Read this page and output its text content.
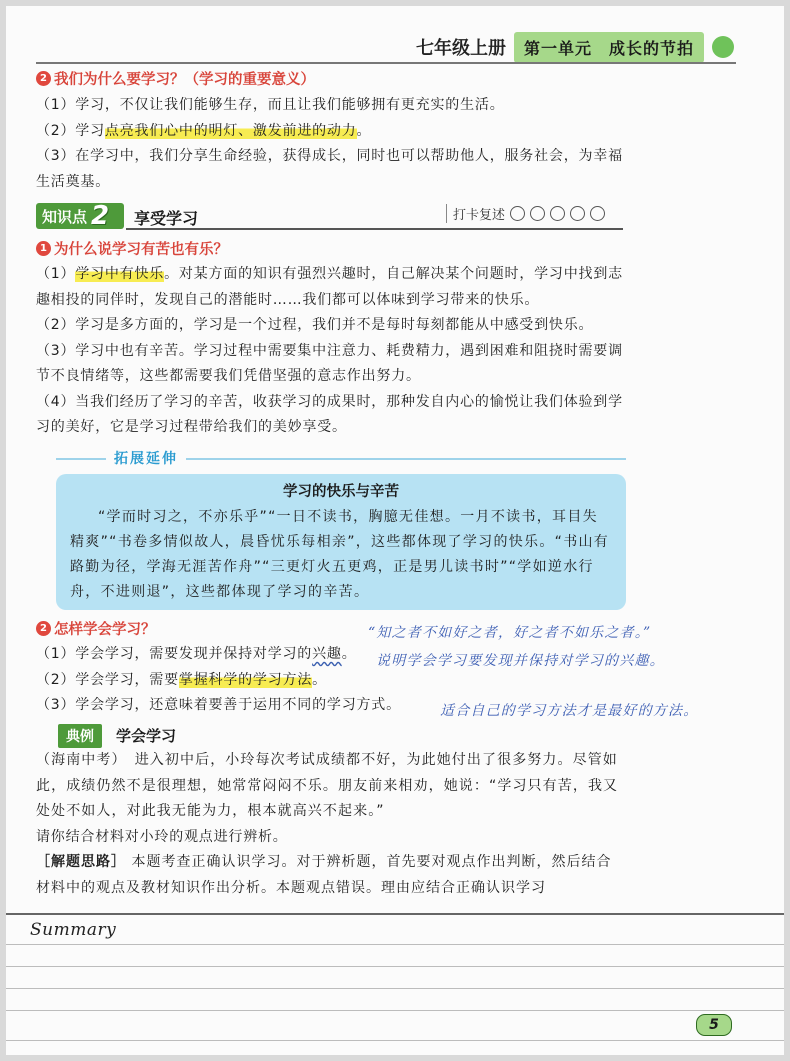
七年级上册	第一单元　成长的节拍
2 我们为什么要学习？（学习的重要意义）
（1）学习，不仅让我们能够生存，而且让我们能够拥有更充实的生活。
（2）学习点亮我们心中的明灯、激发前进的动力。
（3）在学习中，我们分享生命经验，获得成长，同时也可以帮助他人，服务社会，为幸福生活奠基。
知识点 2 享受学习	打卡复述
1 为什么说学习有苦也有乐？
（1）学习中有快乐。对某方面的知识有强烈兴趣时，自己解决某个问题时，学习中找到志趣相投的同伴时，发现自己的潜能时……我们都可以体味到学习带来的快乐。
（2）学习是多方面的，学习是一个过程，我们并不是每时每刻都能从中感受到快乐。
（3）学习中也有辛苦。学习过程中需要集中注意力、耗费精力，遇到困难和阻挠时需要调节不良情绪等，这些都需要我们凭借坚强的意志作出努力。
（4）当我们经历了学习的辛苦，收获学习的成果时，那种发自内心的愉悦让我们体验到学习的美好，它是学习过程带给我们的美妙享受。
拓展延伸
学习的快乐与辛苦
“学而时习之，不亦乐乎”“一日不读书，胸臆无佳想。一月不读书，耳目失精爽”“书卷多情似故人，晨昏忧乐每相亲”，这些都体现了学习的快乐。“书山有路勤为径，学海无涯苦作舟”“三更灯火五更鸡，正是男儿读书时”“学如逆水行舟，不进则退”，这些都体现了学习的辛苦。
2 怎样学会学习？
（1）学会学习，需要发现并保持对学习的兴趣。
（2）学会学习，需要掌握科学的学习方法。
（3）学会学习，还意味着要善于运用不同的学习方式。
“知之者不如好之者，好之者不如乐之者。”
说明学会学习要发现并保持对学习的兴趣。
适合自己的学习方法才是最好的方法。
典例	学会学习
（海南中考）　进入初中后，小玲每次考试成绩都不好，为此她付出了很多努力。尽管如此，成绩仍然不是很理想，她常常闷闷不乐。朋友前来相劝，她说：“学习只有苦，我又处处不如人，对此我无能为力，根本就高兴不起来。”
请你结合材料对小玲的观点进行辨析。
［解题思路］ 本题考查正确认识学习。对于辨析题，首先要对观点作出判断，然后结合材料中的观点及教材知识作出分析。本题观点错误。理由应结合正确认识学习
Summary
5
